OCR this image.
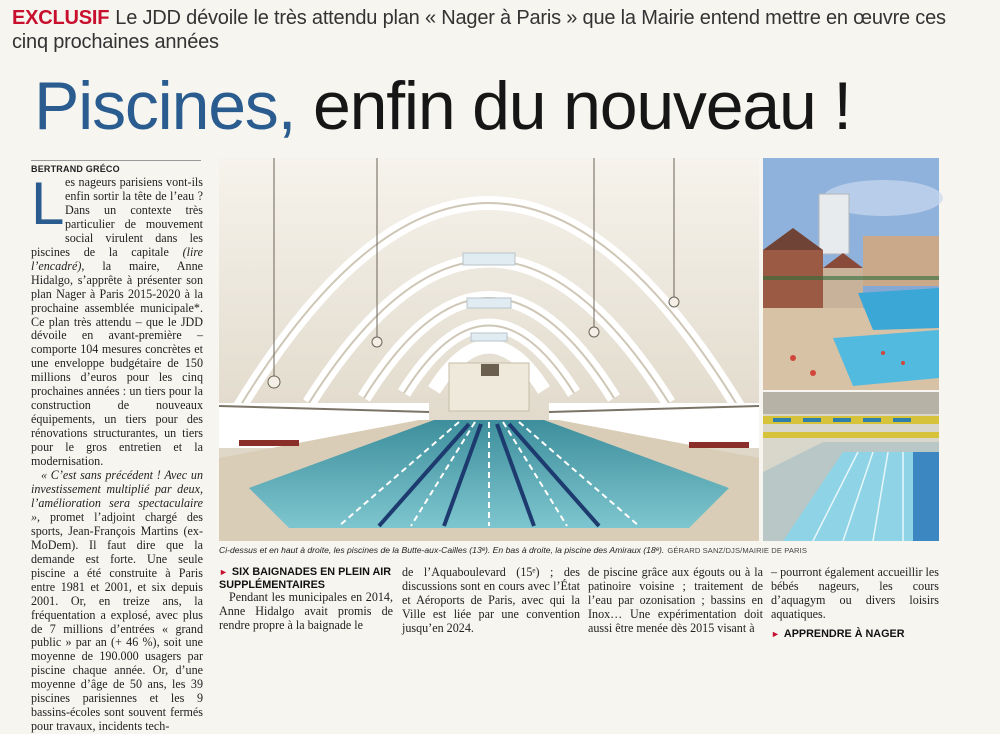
EXCLUSIF Le JDD dévoile le très attendu plan « Nager à Paris » que la Mairie entend mettre en œuvre ces cinq prochaines années
Piscines, enfin du nouveau !
BERTRAND GRÉCO

Les nageurs parisiens vont-ils enfin sortir la tête de l’eau ? Dans un contexte très particulier de mouvement social virulent dans les piscines de la capitale (lire l’encadré), la maire, Anne Hidalgo, s’apprête à présenter son plan Nager à Paris 2015-2020 à la prochaine assemblée municipale*. Ce plan très attendu – que le JDD dévoile en avant-première – comporte 104 mesures concrètes et une enveloppe budgétaire de 150 millions d’euros pour les cinq prochaines années : un tiers pour la construction de nouveaux équipements, un tiers pour des rénovations structurantes, un tiers pour le gros entretien et la modernisation.

« C’est sans précédent ! Avec un investissement multiplié par deux, l’amélioration sera spectaculaire », promet l’adjoint chargé des sports, Jean-François Martins (ex-MoDem). Il faut dire que la demande est forte. Une seule piscine a été construite à Paris entre 1981 et 2001, et six depuis 2001. Or, en treize ans, la fréquentation a explosé, avec plus de 7 millions d’entrées « grand public » par an (+ 46 %), soit une moyenne de 190.000 usagers par piscine chaque année. Or, d’une moyenne d’âge de 50 ans, les 39 piscines parisiennes et les 9 bassins-écoles sont souvent fermés pour travaux, incidents tech-

Ci-dessus et en haut à droite, les piscines de la Butte-aux-Cailles (13ᵉ). En bas à droite, la piscine des Amiraux (18ᵉ). GÉRARD SANZ/DJS/MAIRIE DE PARIS
► SIX BAIGNADES EN PLEIN AIR SUPPLÉMENTAIRES
Pendant les municipales en 2014, Anne Hidalgo avait promis de rendre propre à la baignade le
de l’Aquaboulevard (15ᵉ) ; des discussions sont en cours avec l’État et Aéroports de Paris, avec qui la Ville est liée par une convention jusqu’en 2024.
de piscine grâce aux égouts ou à la patinoire voisine ; traitement de l’eau par ozonisation ; bassins en Inox… Une expérimentation doit aussi être menée dès 2015 visant à
– pourront également accueillir les bébés nageurs, les cours d’aquagym ou divers loisirs aquatiques.
► APPRENDRE À NAGER
